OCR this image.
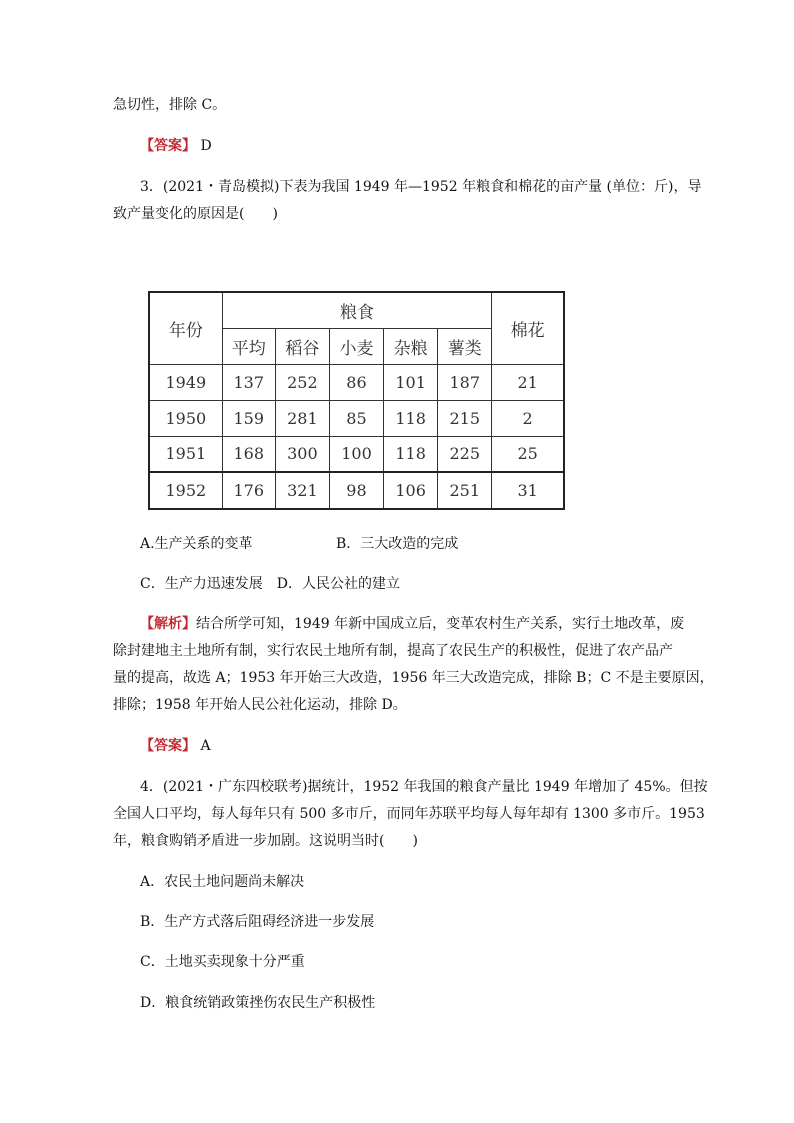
急切性，排除 C。
【答案】 D
3．(2021・青岛模拟)下表为我国 1949 年—1952 年粮食和棉花的亩产量 (单位：斤)，导
致产量变化的原因是(　　)
年份	粮食					棉花
	平均	稻谷	小麦	杂粮	薯类	
1949	137	252	86	101	187	21
1950	159	281	85	118	215	2
1951	168	300	100	118	225	25
1952	176	321	98	106	251	31
A.生产关系的变革	B．三大改造的完成
C．生产力迅速发展 D．人民公社的建立
【解析】结合所学可知，1949 年新中国成立后，变革农村生产关系，实行土地改革，废
除封建地主土地所有制，实行农民土地所有制，提高了农民生产的积极性，促进了农产品产
量的提高，故选 A；1953 年开始三大改造，1956 年三大改造完成，排除 B；C 不是主要原因，
排除；1958 年开始人民公社化运动，排除 D。
【答案】 A
4．(2021・广东四校联考)据统计，1952 年我国的粮食产量比 1949 年增加了 45%。但按
全国人口平均，每人每年只有 500 多市斤，而同年苏联平均每人每年却有 1300 多市斤。1953
年，粮食购销矛盾进一步加剧。这说明当时(　　)
A．农民土地问题尚未解决
B．生产方式落后阻碍经济进一步发展
C．土地买卖现象十分严重
D．粮食统销政策挫伤农民生产积极性
